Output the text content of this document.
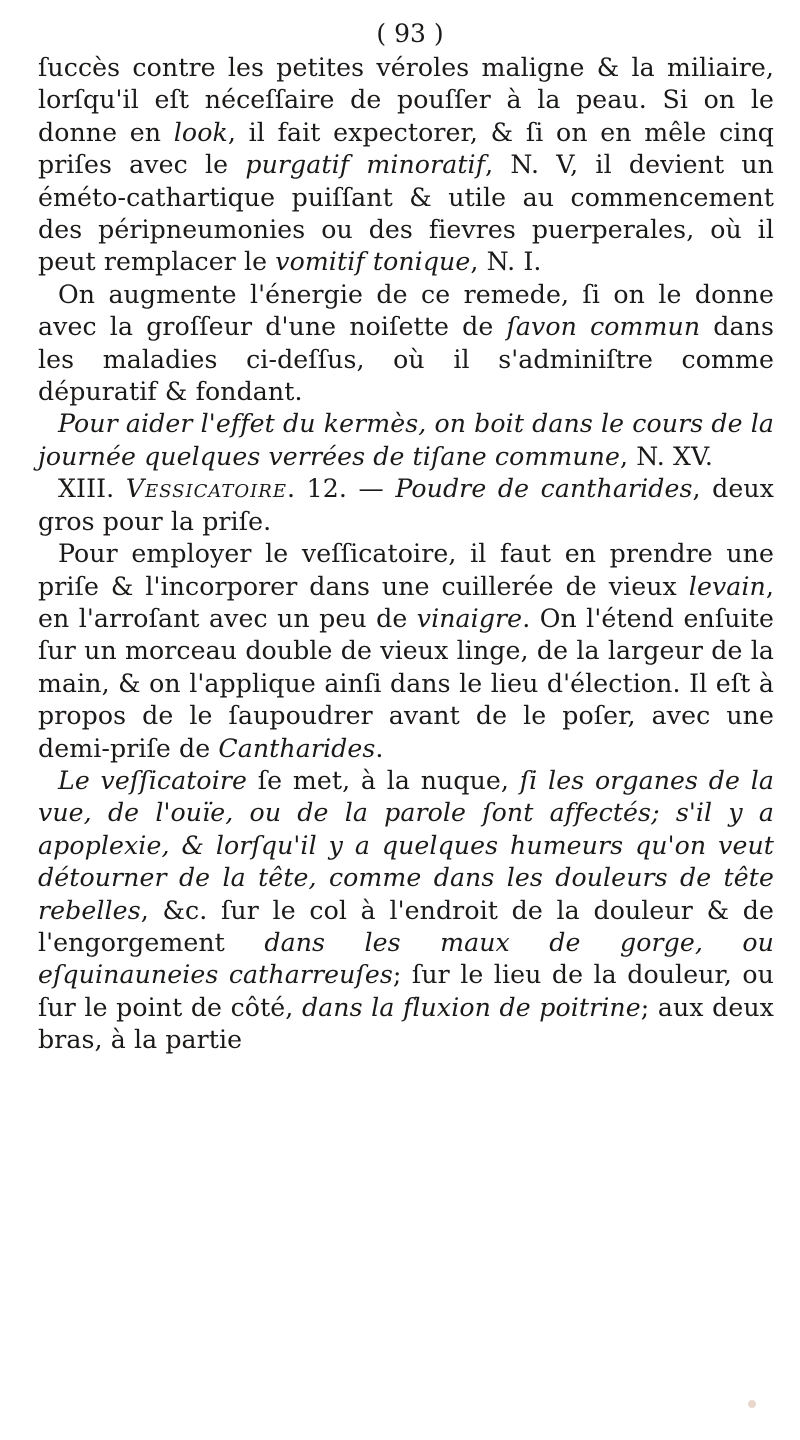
( 93 )

ſuccès contre les petites véroles maligne & la miliaire, lorſqu'il eſt néceſſaire de pouſſer à la peau. Si on le donne en look, il fait expectorer, & ſi on en mêle cinq priſes avec le purgatif minoratif, N. V, il devient un éméto-cathartique puiſſant & utile au commencement des péripneumonies ou des fievres puerperales, où il peut remplacer le vomitif tonique, N. I.

On augmente l'énergie de ce remede, ſi on le donne avec la groſſeur d'une noiſette de ſavon commun dans les maladies ci-deſſus, où il s'adminiſtre comme dépuratif & fondant.

Pour aider l'effet du kermès, on boit dans le cours de la journée quelques verrées de tiſane commune, N. XV.

XIII. Veſſicatoire. 12. — Poudre de cantharides, deux gros pour la priſe.

Pour employer le veſſicatoire, il faut en prendre une priſe & l'incorporer dans une cuillerée de vieux levain, en l'arroſant avec un peu de vinaigre. On l'étend enſuite ſur un morceau double de vieux linge, de la largeur de la main, & on l'applique ainſi dans le lieu d'élection. Il eſt à propos de le ſaupoudrer avant de le poſer, avec une demi-priſe de Cantharides.

Le veſſicatoire ſe met, à la nuque, ſi les organes de la vue, de l'ouïe, ou de la parole ſont affectés; s'il y a apoplexie, & lorſqu'il y a quelques humeurs qu'on veut détourner de la tête, comme dans les douleurs de tête rebelles, &c. ſur le col à l'endroit de la douleur & de l'engorgement dans les maux de gorge, ou eſquinauneies catharreuſes; ſur le lieu de la douleur, ou ſur le point de côté, dans la fluxion de poitrine; aux deux bras, à la partie
